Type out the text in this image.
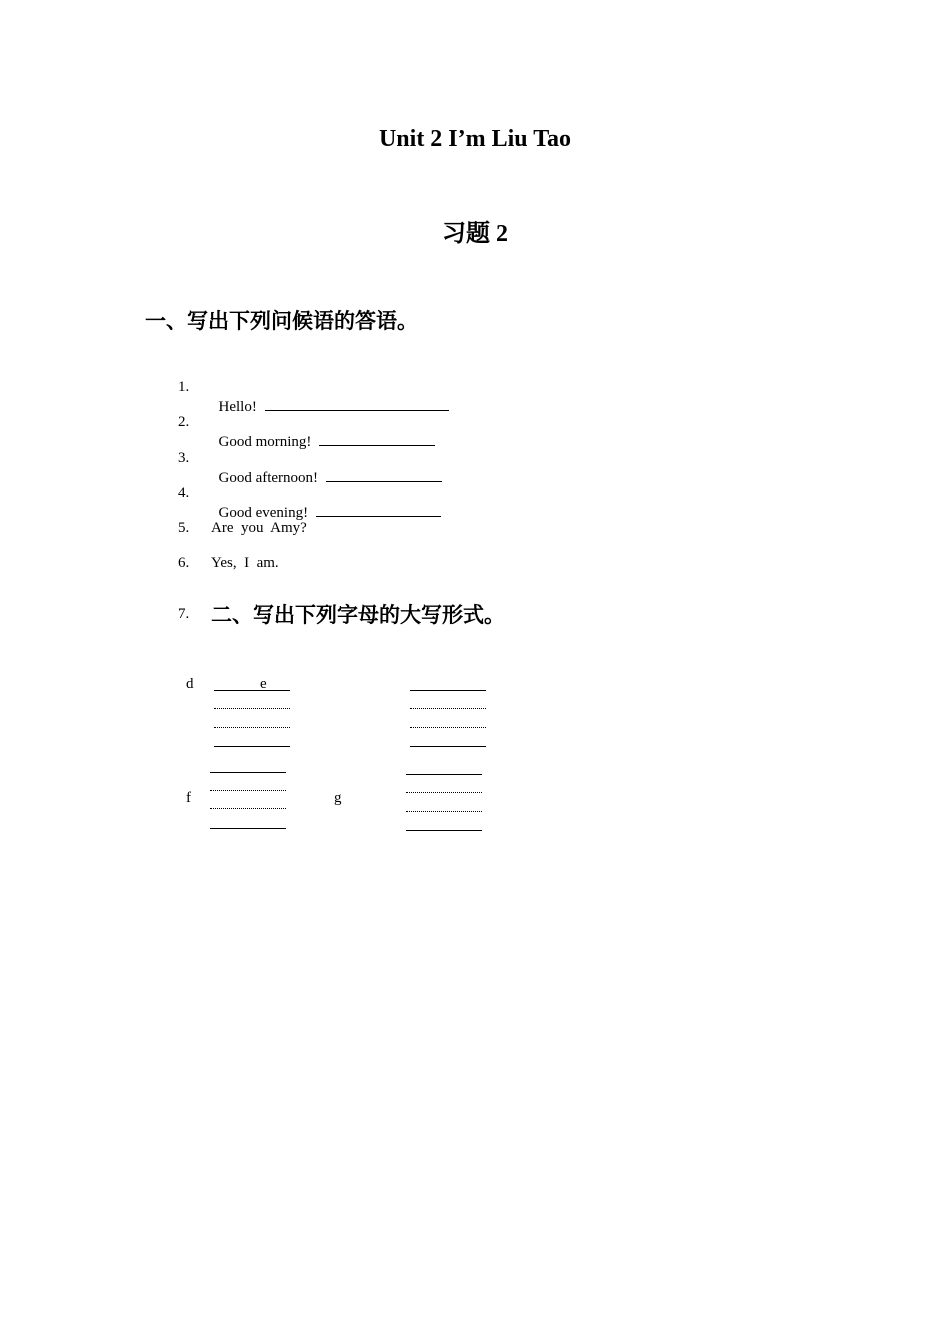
Unit 2 I’m Liu Tao
习题 2
一、写出下列问候语的答语。
1.

Hello!

2.

Good morning!

3.

Good afternoon!

4.

Good evening!

5. Are  you  Amy?
6. Yes,  I  am.
7. 二、写出下列字母的大写形式。
d	e
f	g
